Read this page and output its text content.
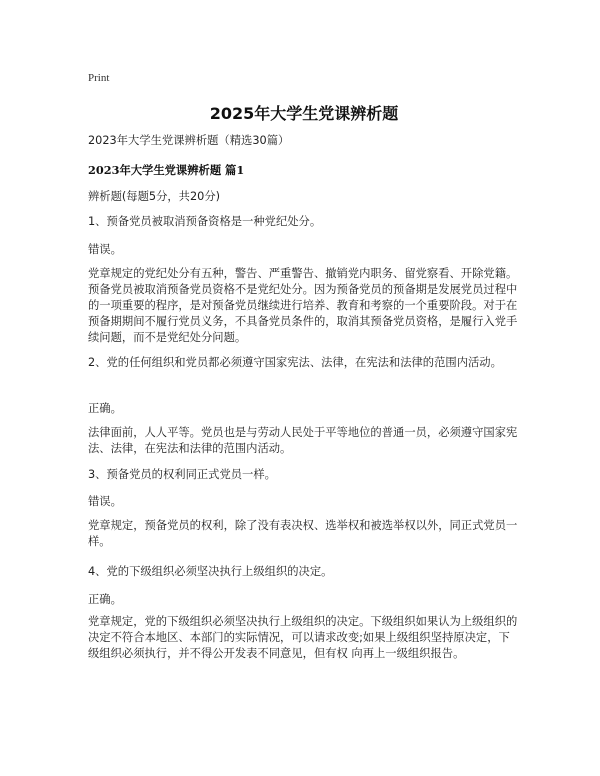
Print
2025年大学生党课辨析题

2023年大学生党课辨析题（精选30篇）

2023年大学生党课辨析题 篇1

辨析题(每题5分，共20分)

1、预备党员被取消预备资格是一种党纪处分。

错误。

党章规定的党纪处分有五种，警告、严重警告、撤销党内职务、留党察看、开除党籍。预备党员被取消预备党员资格不是党纪处分。因为预备党员的预备期是发展党员过程中的一项重要的程序，是对预备党员继续进行培养、教育和考察的一个重要阶段。对于在预备期期间不履行党员义务，不具备党员条件的，取消其预备党员资格，是履行入党手续问题，而不是党纪处分问题。

2、党的任何组织和党员都必须遵守国家宪法、法律，在宪法和法律的范围内活动。

正确。

法律面前，人人平等。党员也是与劳动人民处于平等地位的普通一员，必须遵守国家宪法、法律，在宪法和法律的范围内活动。

3、预备党员的权利同正式党员一样。

错误。

党章规定，预备党员的权利，除了没有表决权、选举权和被选举权以外，同正式党员一样。

4、党的下级组织必须坚决执行上级组织的决定。

正确。

党章规定，党的下级组织必须坚决执行上级组织的决定。下级组织如果认为上级组织的决定不符合本地区、本部门的实际情况，可以请求改变;如果上级组织坚持原决定，下级组织必须执行，并不得公开发表不同意见，但有权 向再上一级组织报告。
